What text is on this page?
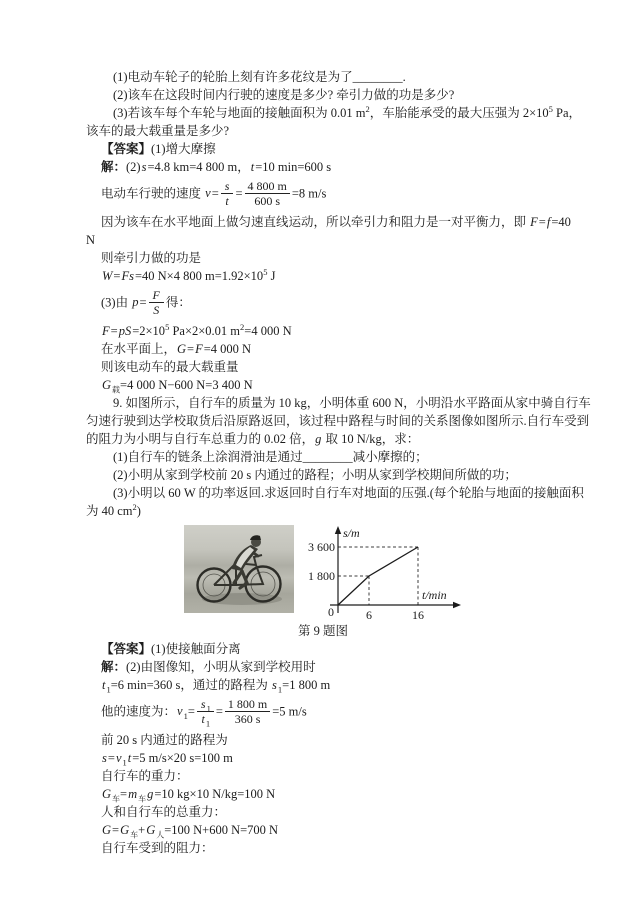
(1)电动车轮子的轮胎上刻有许多花纹是为了________.
(2)该车在这段时间内行驶的速度是多少? 牵引力做的功是多少?
(3)若该车每个车轮与地面的接触面积为 0.01 $m^2$，车胎能承受的最大压强为 $2\times 10^5$ Pa，
该车的最大载重量是多少?
【答案】(1)增大摩擦
解：(2)s=4.8 km=4 800 m，t=10 min=600 s
电动车行驶的速度 $v= \frac{s}{t} = \frac{4 800 m}{600 s} =8$ m/s
因为该车在水平地面上做匀速直线运动，所以牵引力和阻力是一对平衡力，即 F=f=40
N
则牵引力做的功是
W=Fs=40 N×4 800 $m=1.92\times 10^5$ J
(3)由 $p= \frac{F}{S}$ 得：
$F=pS=2\times 10^5$ Pa×2×0.01 $m^2=4$ 000 N
在水平面上，G=F=4 000 N
则该电动车的最大载重量
$G_载=4$ 000 N−600 N=3 400 N
9. 如图所示，自行车的质量为 10 kg，小明体重 600 N，小明沿水平路面从家中骑自行车
匀速行驶到达学校取货后沿原路返回，该过程中路程与时间的关系图像如图所示.自行车受到
的阻力为小明与自行车总重力的 0.02 倍，g 取 10 N/kg，求：
(1)自行车的链条上涂润滑油是通过________减小摩擦的；
(2)小明从家到学校前 20 s 内通过的路程；小明从家到学校期间所做的功；
(3)小明以 60 W 的功率返回.求返回时自行车对地面的压强.(每个轮胎与地面的接触面积
为 40 $cm^2$)
s/m
t/min
3 600
1 800
0	6	16
第 9 题图
【答案】(1)使接触面分离
解：(2)由图像知，小明从家到学校用时
$t_1=6$ min=360 s，通过的路程为 $s_1=1$ 800 m
他的速度为：$v_1= \frac{s_1}{t_1} = \frac{1 800 m}{360 s} =5$ m/s
前 20 s 内通过的路程为
$s=v_1t=5$ m/s×20 s=100 m
自行车的重力：
$G_车=m_车g=10$ kg×10 N/kg=100 N
人和自行车的总重力：
$G=G_车+G_人=100$ N+600 N=700 N
自行车受到的阻力：
